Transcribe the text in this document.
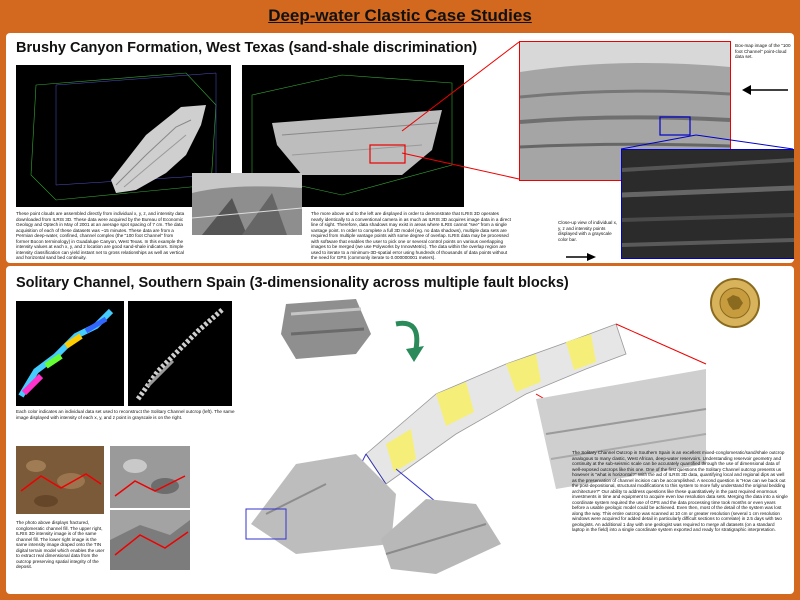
Deep-water Clastic Case Studies
Brushy Canyon Formation, West Texas (sand-shale discrimination)
These point clouds are assembled directly from individual x, y, z, and intensity data downloaded from ILRIS 3D. These data were acquired by the Bureau of Economic Geology and Optech in May of 2001 at an average spot spacing of 7 cm. The data acquisition of each of these datasets was ~15 minutes. These data are from a Permian deep-water, confined, channel complex (the "100 foot Channel" from former Bocon terminology) in Guadalupe Canyon, West Texas. In this example the intensity values at each x, y, and z location are good sand-shale indicators. Simple intensity classification can yield instant net to gross relationships as well as vertical and horizontal sand bed continuity.
The more above and to the left are displayed in order to demonstrate that ILRIS 3D operates nearly identically to a conventional camera in as much as ILRIS 3D acquires image data in a direct line of sight. Therefore, data shadows may exist in areas where ILRIS cannot "see" from a single vantage point. In order to complete a full 3D model (eg. no data shadows), multiple data sets are required from multiple vantage points with some degree of overlap. ILRIS data may be processed with software that enables the user to pick one or several control points on various overlapping images to be merged (we use Polyworks by InnovMetric). The data within the overlap region are used to iterate to a minimum-3D-spatial error using hundreds of thousands of data points without the need for GPS (commonly iterate to 0.000000001 meters).
Box-map image of the "100 foot Channel" point-cloud data set.
Close-up view of individual x, y, z and intensity points displayed with a grayscale color bar.
Solitary Channel, Southern Spain (3-dimensionality across multiple fault blocks)
Each color indicates an individual data set used to reconstruct the Solitary Channel outcrop (left). The same image displayed with intensity of each x, y, and z point in grayscale is on the right.
The photo above displays fractured, conglomeratic channel fill. The upper right, ILRIS 3D intensity image is of the same channel fill. The lower right image is the same intensity image draped onto the TIN digital terrain model which enables the user to extract real dimensional data from the outcrop preserving spatial integrity of the deposit.
The Solitary Channel Outcrop in Southern Spain is an excellent mixed-conglomeratic/sand/shale outcrop analogous to many clastic, West African, deep-water reservoirs. Understanding reservoir geometry and continuity at the sub-seismic scale can be accurately quantified through the use of dimensional data of well-exposed outcrops like this one. One of the first questions the Solitary Channel outcrop presents us however is "what is horizontal?" With the aid of ILRIS 3D data, quantifying local and regional dips as well as the preservation of channel incision can be accomplished. A second question is "How can we back out the post-depositional, structural modifications to this system to more fully understand the original bedding architecture?" Our ability to address questions like these quantitatively in the past required enormous investments in time and equipment to acquire even low resolution data sets. Merging the data into a single coordinate system required the use of GPS and the data processing time took months or even years before a usable geologic model could be achieved. Even then, most of the detail of the system was lost along the way. This entire outcrop was scanned at 10 cm or greater resolution (several 1 cm resolution windows were acquired for added detail in particularly difficult sections to correlate) in 2.5 days with two geologists. An additional 1 day with one geologist was required to merge all datasets (on a standard laptop in the field) into a single coordinate system exported and ready for stratigraphic interpretation.
